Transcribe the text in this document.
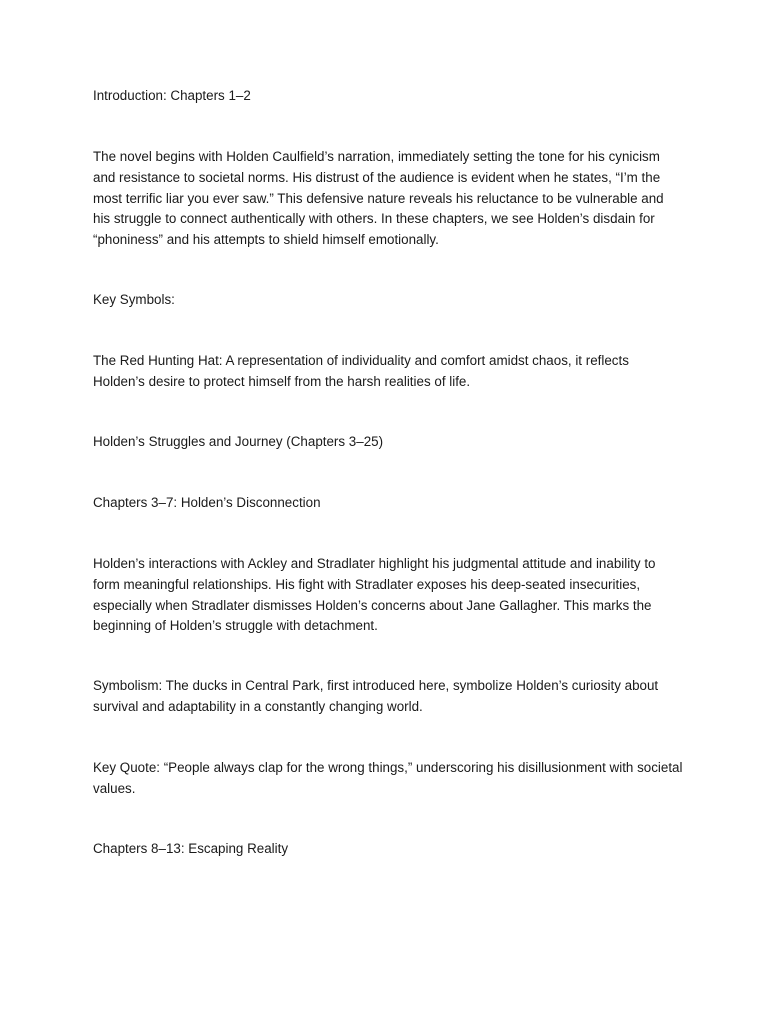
Introduction: Chapters 1–2

The novel begins with Holden Caulfield’s narration, immediately setting the tone for his cynicism and resistance to societal norms. His distrust of the audience is evident when he states, “I’m the most terrific liar you ever saw.” This defensive nature reveals his reluctance to be vulnerable and his struggle to connect authentically with others. In these chapters, we see Holden’s disdain for “phoniness” and his attempts to shield himself emotionally.

Key Symbols:

The Red Hunting Hat: A representation of individuality and comfort amidst chaos, it reflects Holden’s desire to protect himself from the harsh realities of life.

Holden’s Struggles and Journey (Chapters 3–25)

Chapters 3–7: Holden’s Disconnection

Holden’s interactions with Ackley and Stradlater highlight his judgmental attitude and inability to form meaningful relationships. His fight with Stradlater exposes his deep-seated insecurities, especially when Stradlater dismisses Holden’s concerns about Jane Gallagher. This marks the beginning of Holden’s struggle with detachment.

Symbolism: The ducks in Central Park, first introduced here, symbolize Holden’s curiosity about survival and adaptability in a constantly changing world.

Key Quote: “People always clap for the wrong things,” underscoring his disillusionment with societal values.

Chapters 8–13: Escaping Reality
